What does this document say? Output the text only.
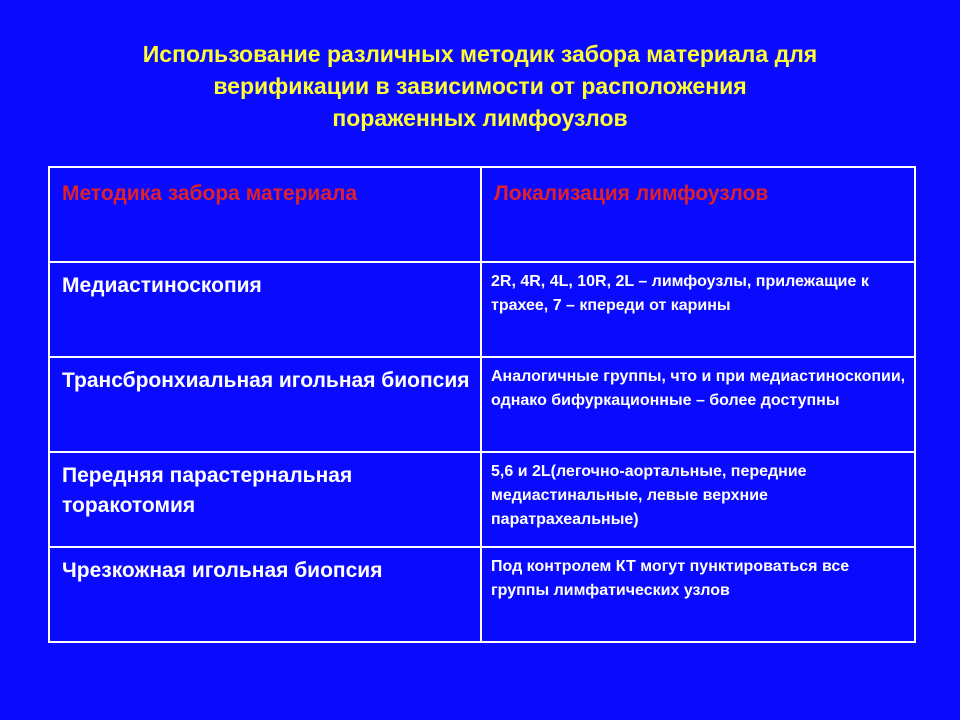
Использование различных методик забора материала для
верификации в зависимости от расположения
пораженных лимфоузлов
Методика забора материала	Локализация лимфоузлов
Медиастиноскопия	2R, 4R, 4L, 10R, 2L – лимфоузлы, прилежащие к трахее, 7 – кпереди от карины
Трансбронхиальная игольная биопсия	Аналогичные группы, что и при медиастиноскопии, однако бифуркационные – более доступны
Передняя парастернальная торакотомия	5,6 и 2L(легочно-аортальные, передние медиастинальные, левые верхние паратрахеальные)
Чрезкожная игольная биопсия	Под контролем КТ могут пунктироваться все группы лимфатических узлов
